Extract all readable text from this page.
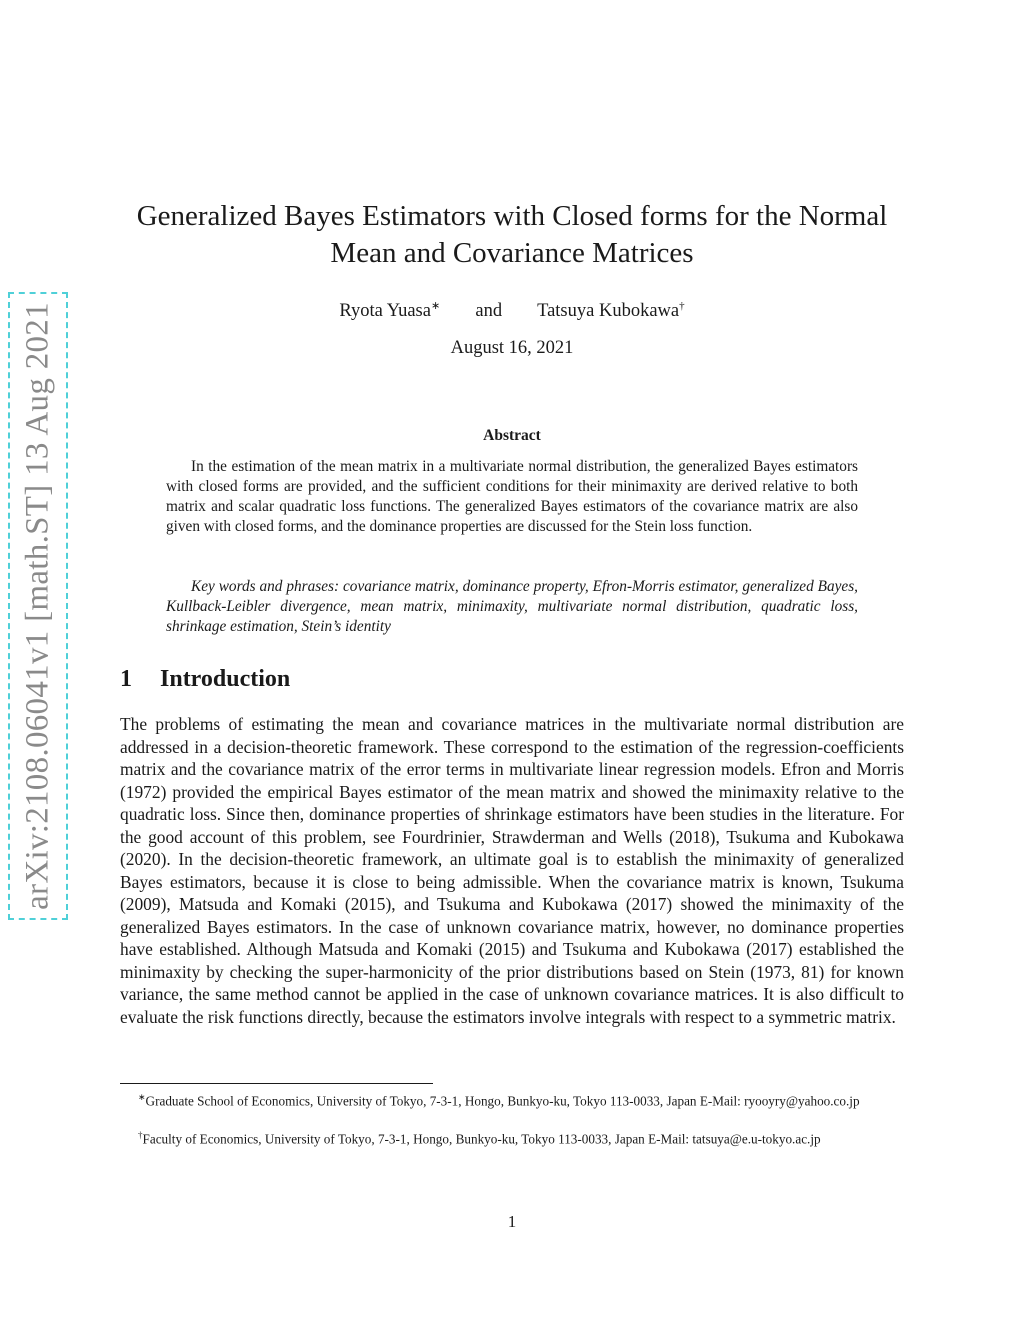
arXiv:2108.06041v1 [math.ST] 13 Aug 2021
Generalized Bayes Estimators with Closed forms for the Normal Mean and Covariance Matrices
Ryota Yuasa∗ and Tatsuya Kubokawa†
August 16, 2021
Abstract

In the estimation of the mean matrix in a multivariate normal distribution, the generalized Bayes estimators with closed forms are provided, and the sufficient conditions for their minimaxity are derived relative to both matrix and scalar quadratic loss functions. The generalized Bayes estimators of the covariance matrix are also given with closed forms, and the dominance properties are discussed for the Stein loss function.

Key words and phrases: covariance matrix, dominance property, Efron-Morris estimator, generalized Bayes, Kullback-Leibler divergence, mean matrix, minimaxity, multivariate normal distribution, quadratic loss, shrinkage estimation, Stein’s identity

1 Introduction

The problems of estimating the mean and covariance matrices in the multivariate normal distribution are addressed in a decision-theoretic framework. These correspond to the estimation of the regression-coefficients matrix and the covariance matrix of the error terms in multivariate linear regression models. Efron and Morris (1972) provided the empirical Bayes estimator of the mean matrix and showed the minimaxity relative to the quadratic loss. Since then, dominance properties of shrinkage estimators have been studies in the literature. For the good account of this problem, see Fourdrinier, Strawderman and Wells (2018), Tsukuma and Kubokawa (2020). In the decision-theoretic framework, an ultimate goal is to establish the minimaxity of generalized Bayes estimators, because it is close to being admissible. When the covariance matrix is known, Tsukuma (2009), Matsuda and Komaki (2015), and Tsukuma and Kubokawa (2017) showed the minimaxity of the generalized Bayes estimators. In the case of unknown covariance matrix, however, no dominance properties have established. Although Matsuda and Komaki (2015) and Tsukuma and Kubokawa (2017) established the minimaxity by checking the super-harmonicity of the prior distributions based on Stein (1973, 81) for known variance, the same method cannot be applied in the case of unknown covariance matrices. It is also difficult to evaluate the risk functions directly, because the estimators involve integrals with respect to a symmetric matrix.

∗Graduate School of Economics, University of Tokyo, 7-3-1, Hongo, Bunkyo-ku, Tokyo 113-0033, Japan E-Mail: ryooyry@yahoo.co.jp

†Faculty of Economics, University of Tokyo, 7-3-1, Hongo, Bunkyo-ku, Tokyo 113-0033, Japan E-Mail: tatsuya@e.u-tokyo.ac.jp

1
